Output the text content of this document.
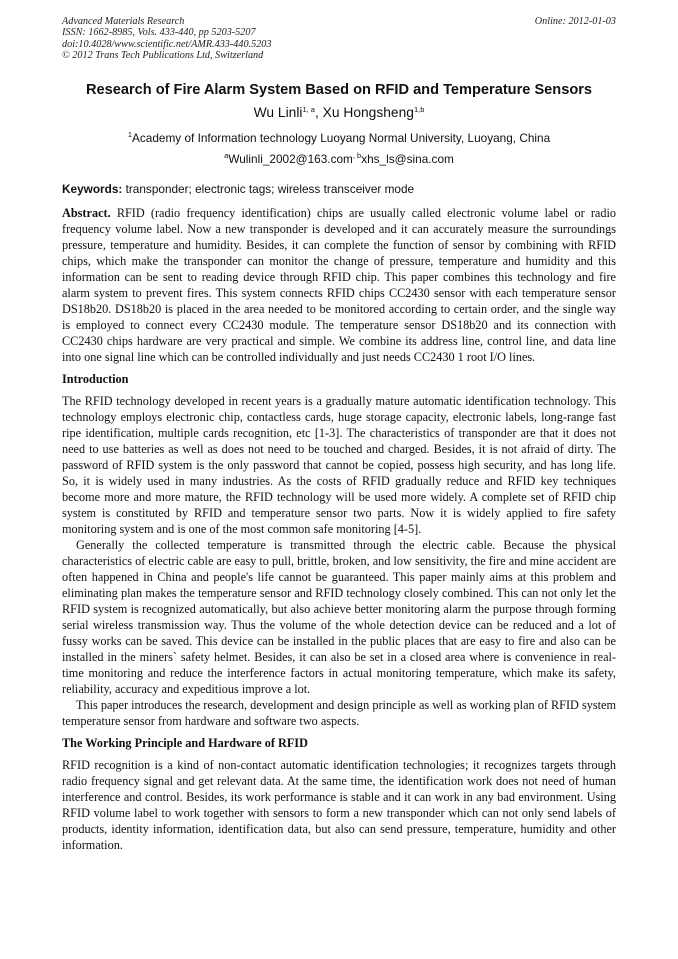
Advanced Materials Research
ISSN: 1662-8985, Vols. 433-440, pp 5203-5207
doi:10.4028/www.scientific.net/AMR.433-440.5203
© 2012 Trans Tech Publications Ltd, Switzerland
Online: 2012-01-03
Research of Fire Alarm System Based on RFID and Temperature Sensors
Wu Linli$^{1, a}$, Xu Hongsheng$^{1,b}$
$^1$Academy of Information technology Luoyang Normal University, Luoyang, China
$^a$Wulinli_2002@163.com$^{, b}$xhs_ls@sina.com
Keywords: transponder; electronic tags; wireless transceiver mode

Abstract. RFID (radio frequency identification) chips are usually called electronic volume label or radio frequency volume label. Now a new transponder is developed and it can accurately measure the surroundings pressure, temperature and humidity. Besides, it can complete the function of sensor by combining with RFID chips, which make the transponder can monitor the change of pressure, temperature and humidity and this information can be sent to reading device through RFID chip. This paper combines this technology and fire alarm system to prevent fires. This system connects RFID chips CC2430 sensor with each temperature sensor DS18b20. DS18b20 is placed in the area needed to be monitored according to certain order, and the single way is employed to connect every CC2430 module. The temperature sensor DS18b20 and its connection with CC2430 chips hardware are very practical and simple. We combine its address line, control line, and data line into one signal line which can be controlled individually and just needs CC2430 1 root I/O lines.

Introduction

The RFID technology developed in recent years is a gradually mature automatic identification technology. This technology employs electronic chip, contactless cards, huge storage capacity, electronic labels, long-range fast ripe identification, multiple cards recognition, etc [1-3]. The characteristics of transponder are that it does not need to use batteries as well as does not need to be touched and charged. Besides, it is not afraid of dirty. The password of RFID system is the only password that cannot be copied, possess high security, and has long life. So, it is widely used in many industries. As the costs of RFID gradually reduce and RFID key techniques become more and more mature, the RFID technology will be used more widely. A complete set of RFID chip system is constituted by RFID and temperature sensor two parts. Now it is widely applied to fire safety monitoring system and is one of the most common safe monitoring [4-5].

Generally the collected temperature is transmitted through the electric cable. Because the physical characteristics of electric cable are easy to pull, brittle, broken, and low sensitivity, the fire and mine accident are often happened in China and people's life cannot be guaranteed. This paper mainly aims at this problem and eliminating plan makes the temperature sensor and RFID technology closely combined. This can not only let the RFID system is recognized automatically, but also achieve better monitoring alarm the purpose through forming serial wireless transmission way. Thus the volume of the whole detection device can be reduced and a lot of fussy works can be saved. This device can be installed in the public places that are easy to fire and also can be installed in the miners` safety helmet. Besides, it can also be set in a closed area where is convenience in real-time monitoring and reduce the interference factors in actual monitoring temperature, which make its safety, reliability, accuracy and expeditious improve a lot.

This paper introduces the research, development and design principle as well as working plan of RFID system temperature sensor from hardware and software two aspects.

The Working Principle and Hardware of RFID

RFID recognition is a kind of non-contact automatic identification technologies; it recognizes targets through radio frequency signal and get relevant data. At the same time, the identification work does not need of human interference and control. Besides, its work performance is stable and it can work in any bad environment. Using RFID volume label to work together with sensors to form a new transponder which can not only send labels of products, identity information, identification data, but also can send pressure, temperature, humidity and other information.
